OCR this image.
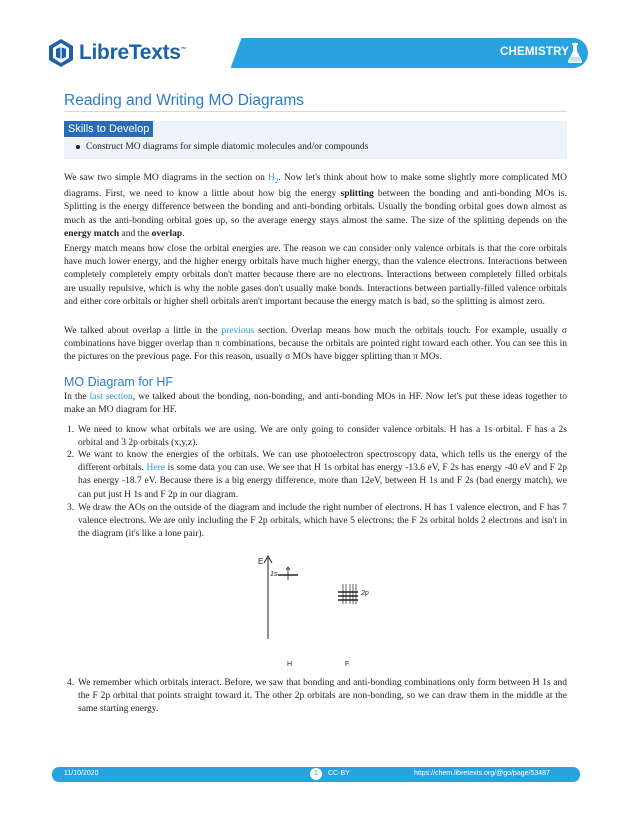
LibreTexts™	CHEMISTRY
Reading and Writing MO Diagrams
Skills to Develop
Construct MO diagrams for simple diatomic molecules and/or compounds
We saw two simple MO diagrams in the section on $H_2$. Now let's think about how to make some slightly more complicated MO diagrams. First, we need to know a little about how big the energy splitting between the bonding and anti-bonding MOs is. Splitting is the energy difference between the bonding and anti-bonding orbitals. Usually the bonding orbital goes down almost as much as the anti-bonding orbital goes up, so the average energy stays almost the same. The size of the splitting depends on the energy match and the overlap.
Energy match means how close the orbital energies are. The reason we can consider only valence orbitals is that the core orbitals have much lower energy, and the higher energy orbitals have much higher energy, than the valence electrons. Interactions between completely completely empty orbitals don't matter because there are no electrons. Interactions between completely filled orbitals are usually repulsive, which is why the noble gases don't usually make bonds. Interactions between partially-filled valence orbitals and either core orbitals or higher shell orbitals aren't important because the energy match is bad, so the splitting is almost zero.
We talked about overlap a little in the previous section. Overlap means how much the orbitals touch. For example, usually σ combinations have bigger overlap than π combinations, because the orbitals are pointed right toward each other. You can see this in the pictures on the previous page. For this reason, usually σ MOs have bigger splitting than π MOs.
MO Diagram for HF
In the last section, we talked about the bonding, non-bonding, and anti-bonding MOs in HF. Now let's put these ideas together to make an MO diagram for HF.
1. We need to know what orbitals we are using. We are only going to consider valence orbitals. H has a 1s orbital. F has a 2s orbital and 3 2p orbitals (x,y,z).
2. We want to know the energies of the orbitals. We can use photoelectron spectroscopy data, which tells us the energy of the different orbitals. Here is some data you can use. We see that H 1s orbital has energy -13.6 eV, F 2s has energy -40 eV and F 2p has energy -18.7 eV. Because there is a big energy difference, more than 12eV, between H 1s and F 2s (bad energy match), we can put just H 1s and F 2p in our diagram.
3. We draw the AOs on the outside of the diagram and include the right number of electrons. H has 1 valence electron, and F has 7 valence electrons. We are only including the F 2p orbitals, which have 5 electrons; the F 2s orbital holds 2 electrons and isn't in the diagram (it's like a lone pair).
E
1s
2p
H	F
4. We remember which orbitals interact. Before, we saw that bonding and anti-bonding combinations only form between H 1s and the F 2p orbital that points straight toward it. The other 2p orbitals are non-bonding, so we can draw them in the middle at the same starting energy.
11/10/2020	1	CC-BY	https://chem.libretexts.org/@go/page/53487
